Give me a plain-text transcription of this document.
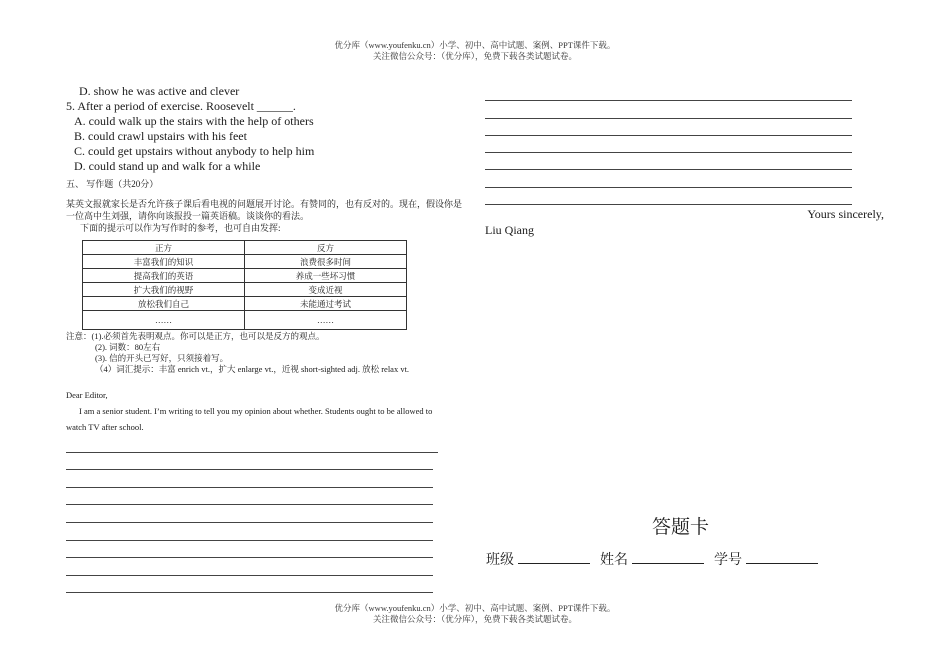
优分库（www.youfenku.cn）小学、初中、高中试题、案例、PPT课件下载。
关注微信公众号：（优分库），免费下载各类试题试卷。
D. show he was active and clever
5. After a period of exercise. Roosevelt ______.
A. could walk up the stairs with the help of others
B. could crawl upstairs with his feet
C. could get upstairs without anybody to help him
D. could stand up and walk for a while
五、 写作题（共20分）
某英文报就家长是否允许孩子课后看电视的问题展开讨论。有赞同的，也有反对的。现在，假设你是一位高中生刘强，请你向该报投一篇英语稿。谈谈你的看法。
下面的提示可以作为写作时的参考，也可自由发挥:
正方	反方
丰富我们的知识	浪费很多时间
提高我们的英语	养成一些坏习惯
扩大我们的视野	变成近视
放松我们自己	未能通过考试
……	……
注意：(1).必须首先表明观点。你可以是正方，也可以是反方的观点。
(2). 词数：80左右
(3). 信的开头已写好，只须接着写。
（4）词汇提示：丰富 enrich vt.，扩大 enlarge vt.，近视 short-sighted adj. 放松 relax vt.
Dear Editor,
I am a senior student. I’m writing to tell you my opinion about whether. Students ought to be allowed to watch TV after school.
Yours sincerely,
Liu Qiang
答题卡
班级	姓名	学号
优分库（www.youfenku.cn）小学、初中、高中试题、案例、PPT课件下载。
关注微信公众号：（优分库），免费下载各类试题试卷。
